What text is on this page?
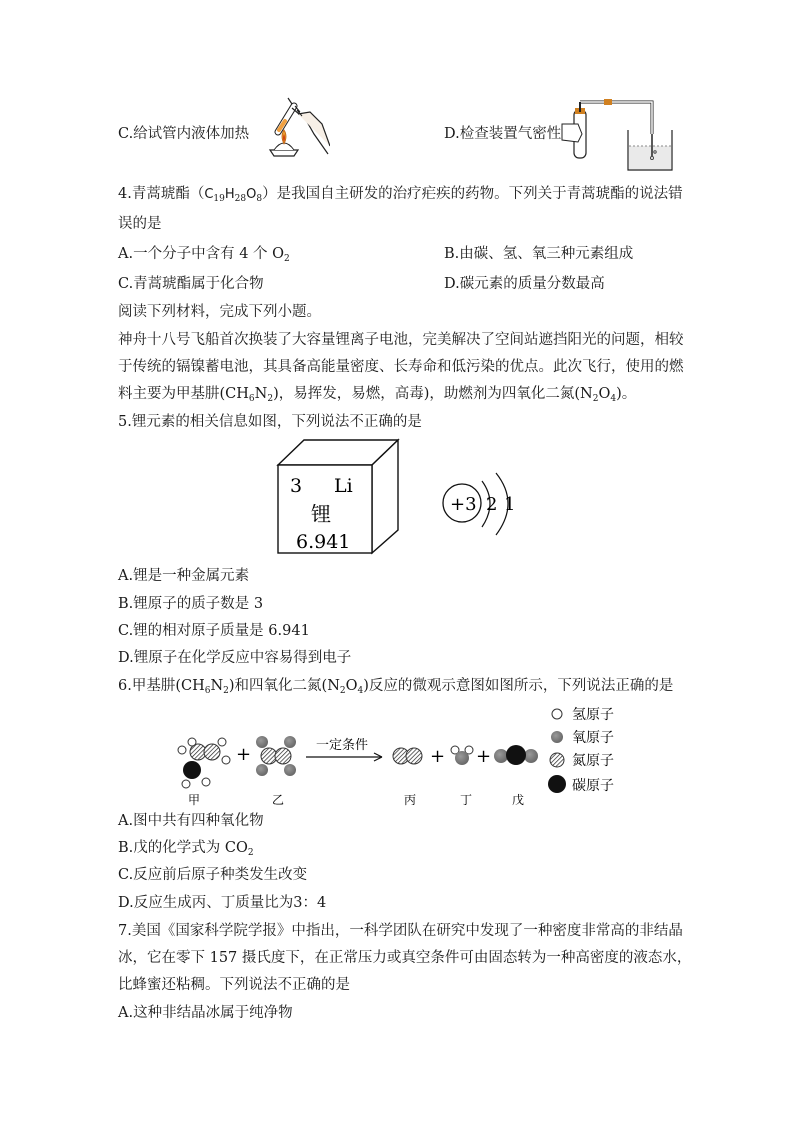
C.给试管内液体加热	D.检查装置气密性
4.青蒿琥酯$(C_{19}H_{28}O_8)$是我国自主研发的治疗疟疾的药物。下列关于青蒿琥酯的说法错
误的是
A.一个分子中含有 4 个 $O_2$	B.由碳、氢、氧三种元素组成
C.青蒿琥酯属于化合物	D.碳元素的质量分数最高
阅读下列材料，完成下列小题。
神舟十八号飞船首次换装了大容量锂离子电池，完美解决了空间站遮挡阳光的问题，相较
于传统的镉镍蓄电池，其具备高能量密度、长寿命和低污染的优点。此次飞行，使用的燃
料主要为甲基肼$(CH_6N_2)$，易挥发，易燃，高毒)，助燃剂为四氧化二氮$(N_2O_4)$。
5.锂元素的相关信息如图，下列说法不正确的是
3 Li
锂
6.941
+3 2 1
A.锂是一种金属元素
B.锂原子的质子数是 3
C.锂的相对原子质量是 6.941
D.锂原子在化学反应中容易得到电子
6.甲基肼$(CH_6N_2)$和四氧化二氮$(N_2O_4)$反应的微观示意图如图所示，下列说法正确的是
甲
+
乙
一定条件
丙
+
丁
+
戊
氢原子
氧原子
氮原子
碳原子
A.图中共有四种氧化物
B.戊的化学式为 $CO_2$
C.反应前后原子种类发生改变
D.反应生成丙、丁质量比为3：4
7.美国《国家科学院学报》中指出，一科学团队在研究中发现了一种密度非常高的非结晶
冰，它在零下 157 摄氏度下，在正常压力或真空条件可由固态转为一种高密度的液态水，
比蜂蜜还粘稠。下列说法不正确的是
A.这种非结晶冰属于纯净物
